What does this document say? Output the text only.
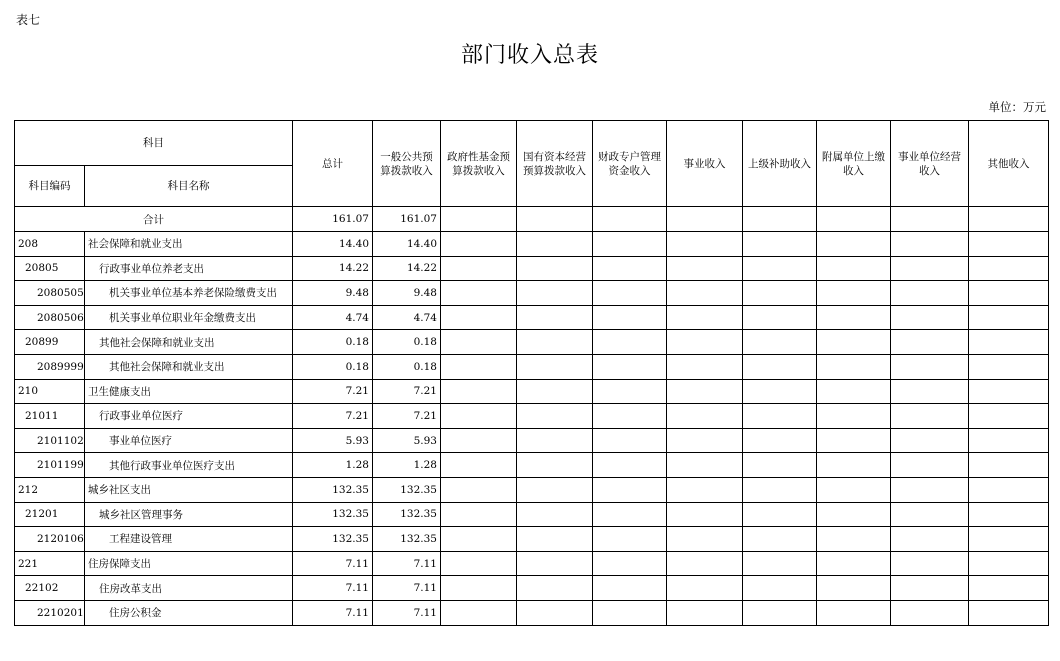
表七
部门收入总表
单位：万元
科目		总计	一般公共预算拨款收入	政府性基金预算拨款收入	国有资本经营预算拨款收入	财政专户管理资金收入	事业收入	上级补助收入	附属单位上缴收入	事业单位经营收入	其他收入
科目编码	科目名称										
合计		161.07	161.07								
208	社会保障和就业支出	14.40	14.40								
20805	行政事业单位养老支出	14.22	14.22								
2080505	机关事业单位基本养老保险缴费支出	9.48	9.48								
2080506	机关事业单位职业年金缴费支出	4.74	4.74								
20899	其他社会保障和就业支出	0.18	0.18								
2089999	其他社会保障和就业支出	0.18	0.18								
210	卫生健康支出	7.21	7.21								
21011	行政事业单位医疗	7.21	7.21								
2101102	事业单位医疗	5.93	5.93								
2101199	其他行政事业单位医疗支出	1.28	1.28								
212	城乡社区支出	132.35	132.35								
21201	城乡社区管理事务	132.35	132.35								
2120106	工程建设管理	132.35	132.35								
221	住房保障支出	7.11	7.11								
22102	住房改革支出	7.11	7.11								
2210201	住房公积金	7.11	7.11								
